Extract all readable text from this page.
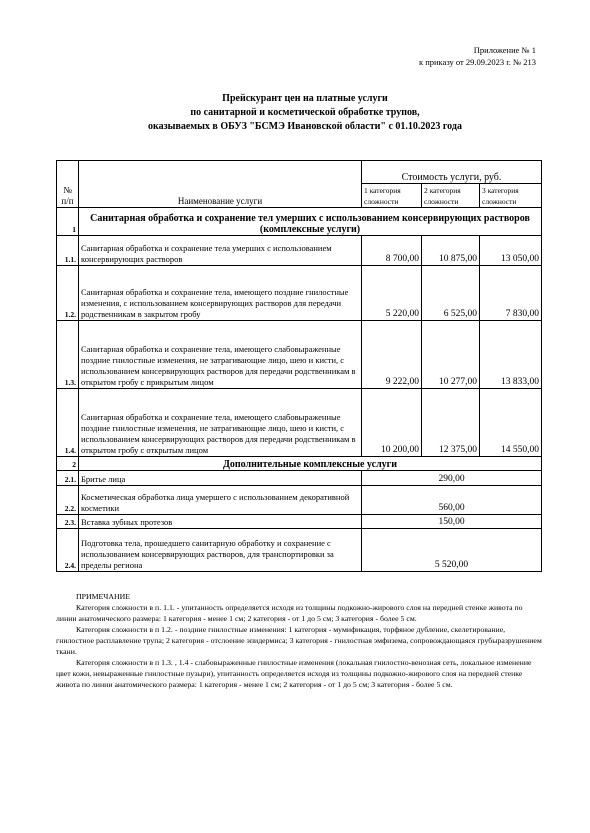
Приложение № 1
к приказу от 29.09.2023 г. № 213
Прейскурант цен на платные услуги
по санитарной и косметической обработке трупов,
оказываемых в ОБУЗ "БСМЭ Ивановской области" с 01.10.2023 года
№ п/п	Наименование услуги	Стоимость услуги, руб.		
		1 категория сложности	2 категория сложности	3 категория сложности
1	Санитарная обработка и сохранение тел умерших с использованием консервирующих растворов (комплексные услуги)			
1.1.	Санитарная обработка и сохранение тела умерших с использованием консервирующих растворов	8 700,00	10 875,00	13 050,00
1.2.	Санитарная обработка и сохранение тела, имеющего поздние гнилостные изменения, с использованием консервирующих растворов для передачи родственникам в закрытом гробу	5 220,00	6 525,00	7 830,00
1.3.	Санитарная обработка и сохранение тела, имеющего слабовыраженные поздние гнилостные изменения, не затрагивающие лицо, шею и кисти, с использованием консервирующих растворов для передачи родственникам в открытом гробу с прикрытым лицом	9 222,00	10 277,00	13 833,00
1.4.	Санитарная обработка и сохранение тела, имеющего слабовыраженные поздние гнилостные изменения, не затрагивающие лицо, шею и кисти, с использованием консервирующих растворов для передачи родственникам в открытом гробу с открытым лицом	10 200,00	12 375,00	14 550,00
2	Дополнительные комплексные услуги			
2.1.	Бритье лица	290,00		
2.2.	Косметическая обработка лица умершего с использованием декоративной косметики	560,00		
2.3.	Вставка зубных протезов	150,00		
2.4.	Подготовка тела, прошедшего санитарную обработку и сохранение с использованием консервирующих растворов, для транспортировки за пределы региона	5 520,00		

ПРИМЕЧАНИЕ

Категория сложности в п. 1.1. - упитанность определяется исходя из толщины подкожно-жирового слоя на передней стенке живота по линии анатомического размера: 1 категория - менее 1 см; 2 категория - от 1 до 5 см; 3 категория - более 5 см.

Категория сложности в п 1.2. - поздние гнилостные изменения: 1 категория - мумификация, торфяное дубление, скелетирование, гнилостное расплавление трупа; 2 категория - отслоение эпидермиса; 3 категория - гнилостная эмфизема, сопровождающаяся грубыразрушением ткани.

Категория сложности в п 1.3. , 1.4 - слабовыраженные гнилостные изменения (локальная гнилостно-венозная сеть, локальное изменение цвет кожи, невыраженные гнилостные пузыри), упитанность определяется исходя из толщины подкожно-жирового слоя на передней стенке живота по линии анатомического размера: 1 категория - менее 1 см; 2 категория - от 1 до 5 см; 3 категория - более 5 см.
